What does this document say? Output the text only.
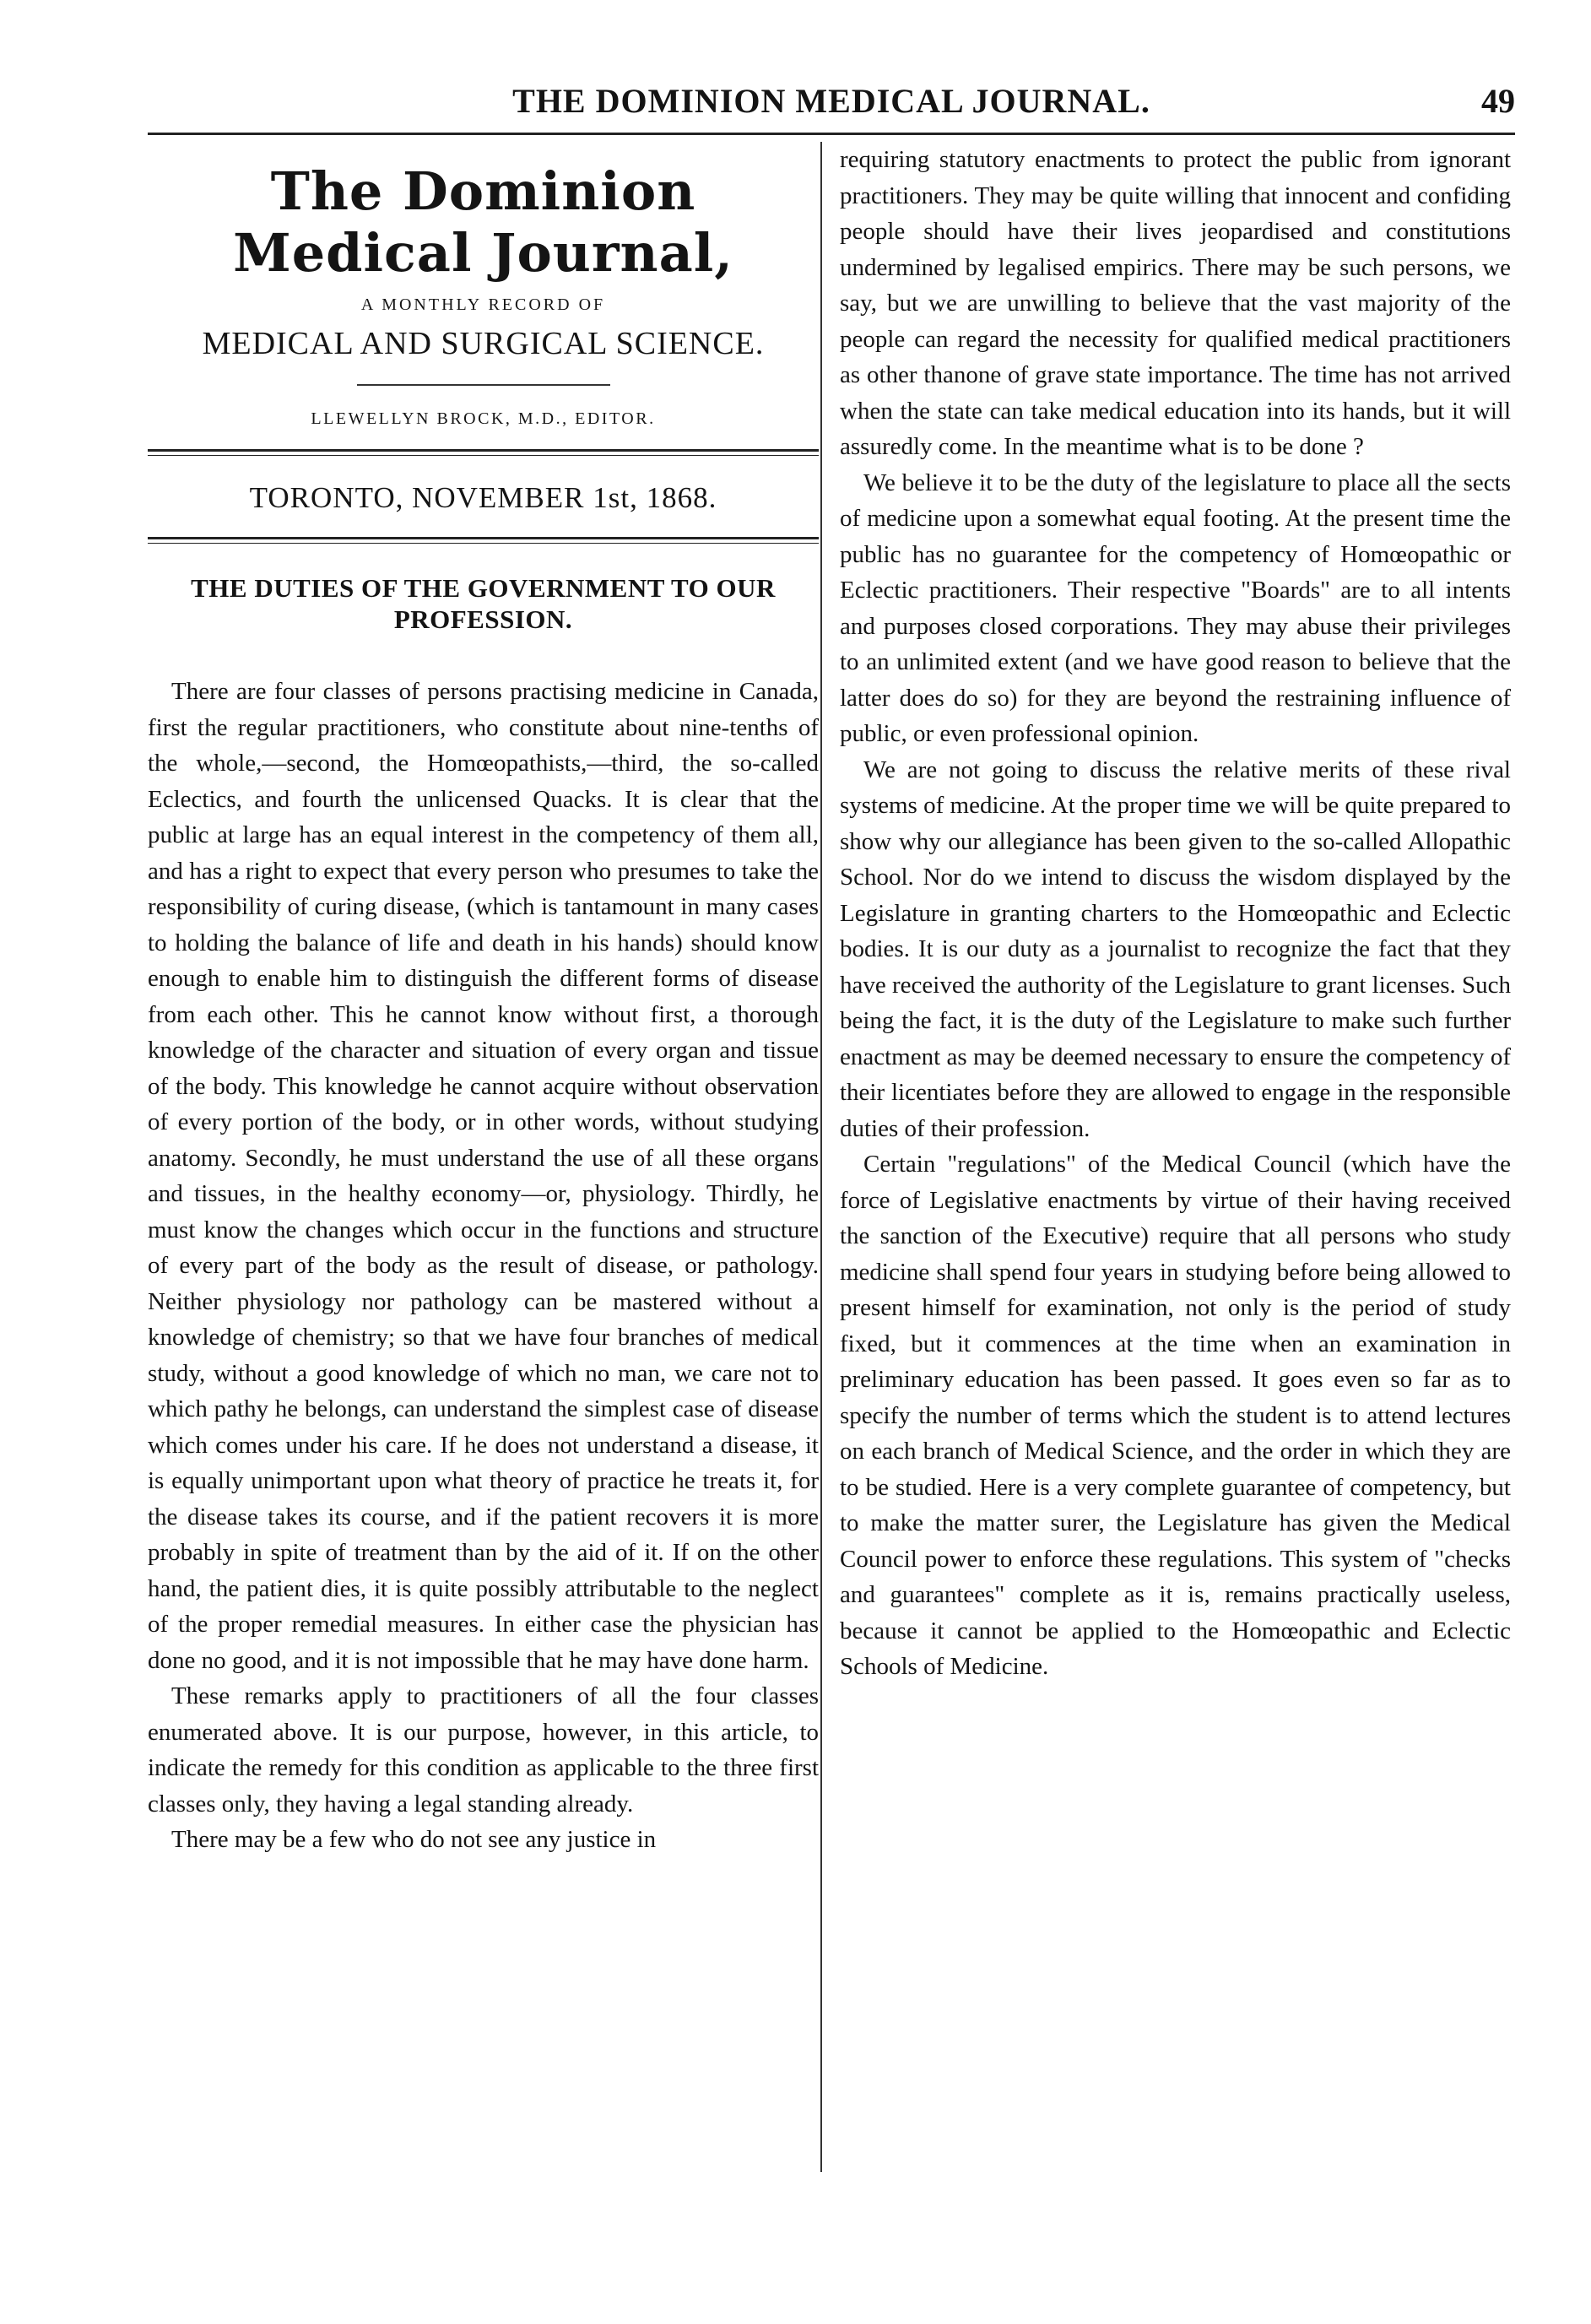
THE DOMINION MEDICAL JOURNAL.	49
The Dominion Medical Journal,
A MONTHLY RECORD OF
MEDICAL AND SURGICAL SCIENCE.
LLEWELLYN BROCK, M.D., EDITOR.
TORONTO, NOVEMBER 1st, 1868.
THE DUTIES OF THE GOVERNMENT TO OUR
PROFESSION.

There are four classes of persons practising medicine in Canada, first the regular practitioners, who constitute about nine-tenths of the whole,—second, the Homœopathists,—third, the so-called Eclectics, and fourth the unlicensed Quacks. It is clear that the public at large has an equal interest in the competency of them all, and has a right to expect that every person who presumes to take the responsibility of curing disease, (which is tantamount in many cases to holding the balance of life and death in his hands) should know enough to enable him to distinguish the different forms of disease from each other. This he cannot know without first, a thorough knowledge of the character and situation of every organ and tissue of the body. This knowledge he cannot acquire without observation of every portion of the body, or in other words, without studying anatomy. Secondly, he must understand the use of all these organs and tissues, in the healthy economy—or, physiology. Thirdly, he must know the changes which occur in the functions and structure of every part of the body as the result of disease, or pathology. Neither physiology nor pathology can be mastered without a knowledge of chemistry; so that we have four branches of medical study, without a good knowledge of which no man, we care not to which pathy he belongs, can understand the simplest case of disease which comes under his care. If he does not understand a disease, it is equally unimportant upon what theory of practice he treats it, for the disease takes its course, and if the patient recovers it is more probably in spite of treatment than by the aid of it. If on the other hand, the patient dies, it is quite possibly attributable to the neglect of the proper remedial measures. In either case the physician has done no good, and it is not impossible that he may have done harm.

These remarks apply to practitioners of all the four classes enumerated above. It is our purpose, however, in this article, to indicate the remedy for this condition as applicable to the three first classes only, they having a legal standing already.

There may be a few who do not see any justice in

requiring statutory enactments to protect the public from ignorant practitioners. They may be quite willing that innocent and confiding people should have their lives jeopardised and constitutions undermined by legalised empirics. There may be such persons, we say, but we are unwilling to believe that the vast majority of the people can regard the necessity for qualified medical practitioners as other thanone of grave state importance. The time has not arrived when the state can take medical education into its hands, but it will assuredly come. In the meantime what is to be done ?

We believe it to be the duty of the legislature to place all the sects of medicine upon a somewhat equal footing. At the present time the public has no guarantee for the competency of Homœopathic or Eclectic practitioners. Their respective "Boards" are to all intents and purposes closed corporations. They may abuse their privileges to an unlimited extent (and we have good reason to believe that the latter does do so) for they are beyond the restraining influence of public, or even professional opinion.

We are not going to discuss the relative merits of these rival systems of medicine. At the proper time we will be quite prepared to show why our allegiance has been given to the so-called Allopathic School. Nor do we intend to discuss the wisdom displayed by the Legislature in granting charters to the Homœopathic and Eclectic bodies. It is our duty as a journalist to recognize the fact that they have received the authority of the Legislature to grant licenses. Such being the fact, it is the duty of the Legislature to make such further enactment as may be deemed necessary to ensure the competency of their licentiates before they are allowed to engage in the responsible duties of their profession.

Certain "regulations" of the Medical Council (which have the force of Legislative enactments by virtue of their having received the sanction of the Executive) require that all persons who study medicine shall spend four years in studying before being allowed to present himself for examination, not only is the period of study fixed, but it commences at the time when an examination in preliminary education has been passed. It goes even so far as to specify the number of terms which the student is to attend lectures on each branch of Medical Science, and the order in which they are to be studied. Here is a very complete guarantee of competency, but to make the matter surer, the Legislature has given the Medical Council power to enforce these regulations. This system of "checks and guarantees" complete as it is, remains practically useless, because it cannot be applied to the Homœopathic and Eclectic Schools of Medicine.
